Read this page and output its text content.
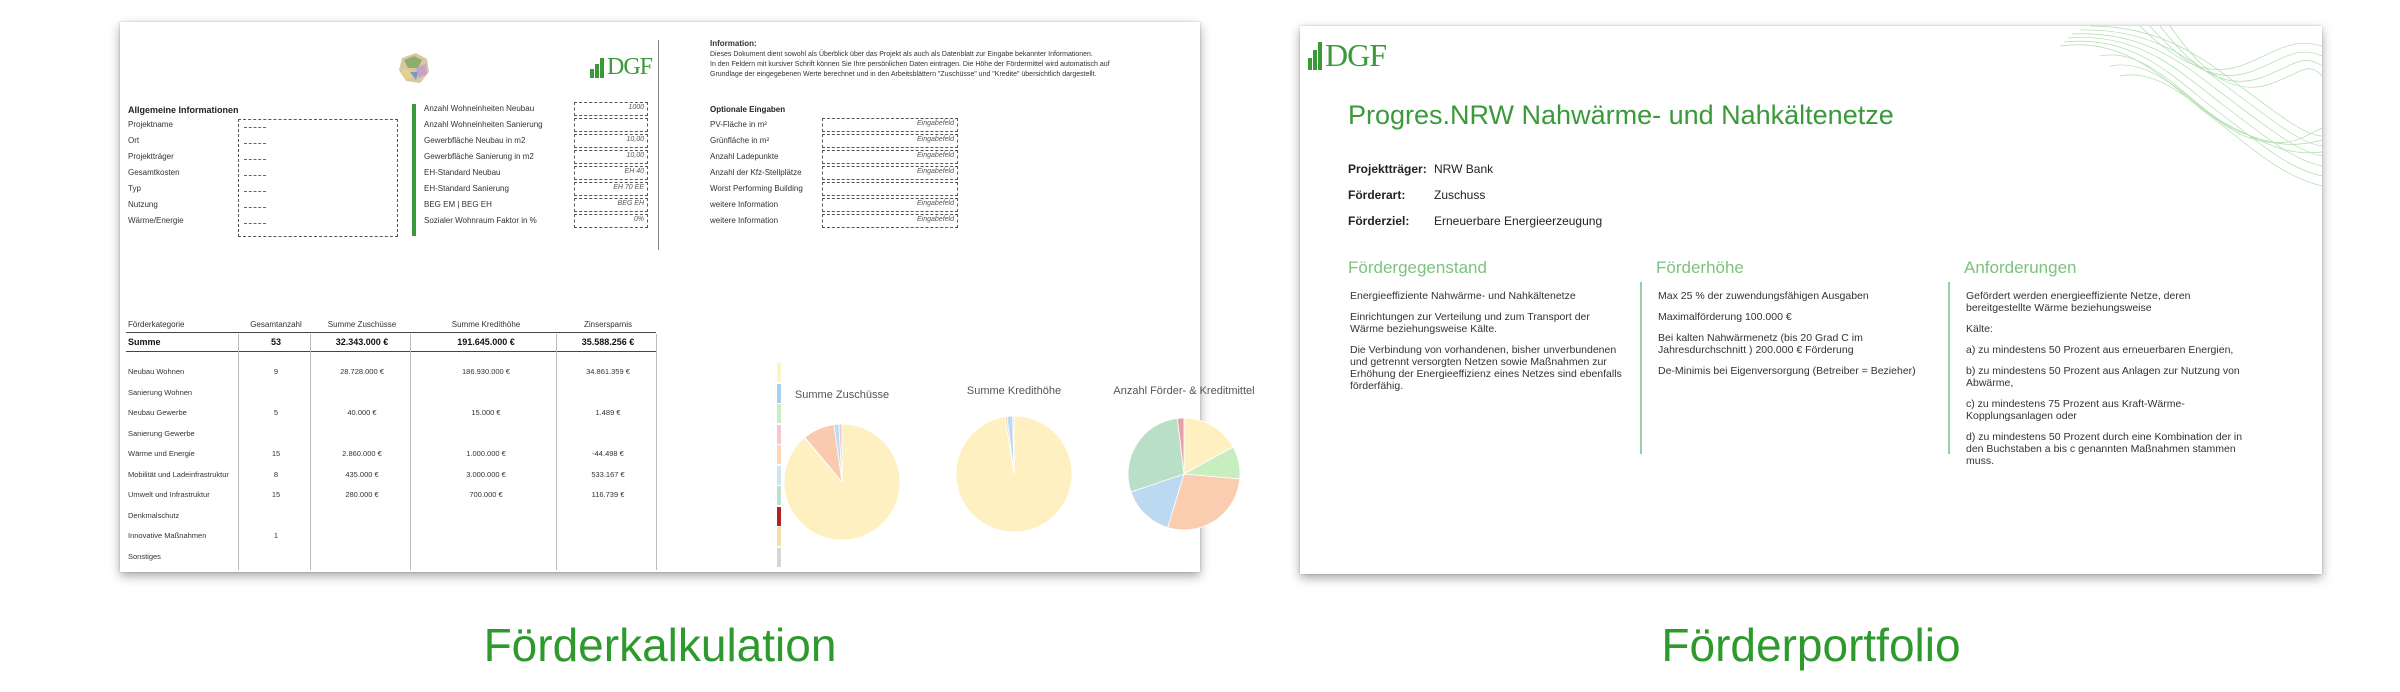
DGF
Information:
Dieses Dokument dient sowohl als Überblick über das Projekt als auch als Datenblatt zur Eingabe bekannter Informationen.
In den Feldern mit kursiver Schrift können Sie Ihre persönlichen Daten eintragen. Die Höhe der Fördermittel wird automatisch auf
Grundlage der eingegebenen Werte berechnet und in den Arbeitsblättern "Zuschüsse" und "Kredite" übersichtlich dargestellt.
Allgemeine Informationen
Projektname
Ort
Projektträger
Gesamtkosten
Typ
Nutzung
Wärme/Energie
Anzahl Wohneinheiten Neubau	1000
Anzahl Wohneinheiten Sanierung
Gewerbfläche Neubau in m2	10,00
Gewerbfläche Sanierung in m2	10,00
EH-Standard Neubau	EH 40
EH-Standard Sanierung	EH 70 EE
BEG EM | BEG EH	BEG EH
Sozialer Wohnraum Faktor in %	0%
Optionale Eingaben
PV-Fläche in m²	Eingabefeld
Grünfläche in m²	Eingabefeld
Anzahl Ladepunkte	Eingabefeld
Anzahl der Kfz-Stellplätze	Eingabefeld
Worst Performing Building
weitere Information	Eingabefeld
weitere Information	Eingabefeld
Förderkategorie	Gesamtanzahl	Summe Zuschüsse	Summe Kredithöhe	Zinsersparnis
Summe	53	32.343.000 €	191.645.000 €	35.588.256 €
Neubau Wohnen	9	28.728.000 €	186.930.000 €	34.861.359 €
Sanierung Wohnen
Neubau Gewerbe	5	40.000 €	15.000 €	1.489 €
Sanierung Gewerbe
Wärme und Energie	15	2.860.000 €	1.000.000 €	-44.498 €
Mobilität und Ladeinfrastruktur	8	435.000 €	3.000.000 €	533.167 €
Umwelt und Infrastruktur	15	280.000 €	700.000 €	116.739 €
Denkmalschutz
Innovative Maßnahmen	1
Sonstiges
Summe Zuschüsse	Summe Kredithöhe	Anzahl Förder- & Kreditmittel
DGF
Progres.NRW Nahwärme- und Nahkältenetze
Projektträger: NRW Bank
Förderart: Zuschuss
Förderziel: Erneuerbare Energieerzeugung
Fördergegenstand

Energieeffiziente Nahwärme- und Nahkältenetze

Einrichtungen zur Verteilung und zum Transport der Wärme beziehungsweise Kälte.

Die Verbindung von vorhandenen, bisher unverbundenen und getrennt versorgten Netzen sowie Maßnahmen zur Erhöhung der Energieeffizienz eines Netzes sind ebenfalls förderfähig.

Förderhöhe

Max 25 % der zuwendungsfähigen Ausgaben

Maximalförderung 100.000 €

Bei kalten Nahwärmenetz (bis 20 Grad C im Jahresdurchschnitt ) 200.000 € Förderung

De-Minimis bei Eigenversorgung (Betreiber = Bezieher)

Anforderungen

Gefördert werden energieeffiziente Netze, deren bereitgestellte Wärme beziehungsweise

Kälte:

a) zu mindestens 50 Prozent aus erneuerbaren Energien,

b) zu mindestens 50 Prozent aus Anlagen zur Nutzung von Abwärme,

c) zu mindestens 75 Prozent aus Kraft-Wärme-Kopplungsanlagen oder

d) zu mindestens 50 Prozent durch eine Kombination der in den Buchstaben a bis c genannten Maßnahmen stammen muss.

Förderkalkulation	Förderportfolio
